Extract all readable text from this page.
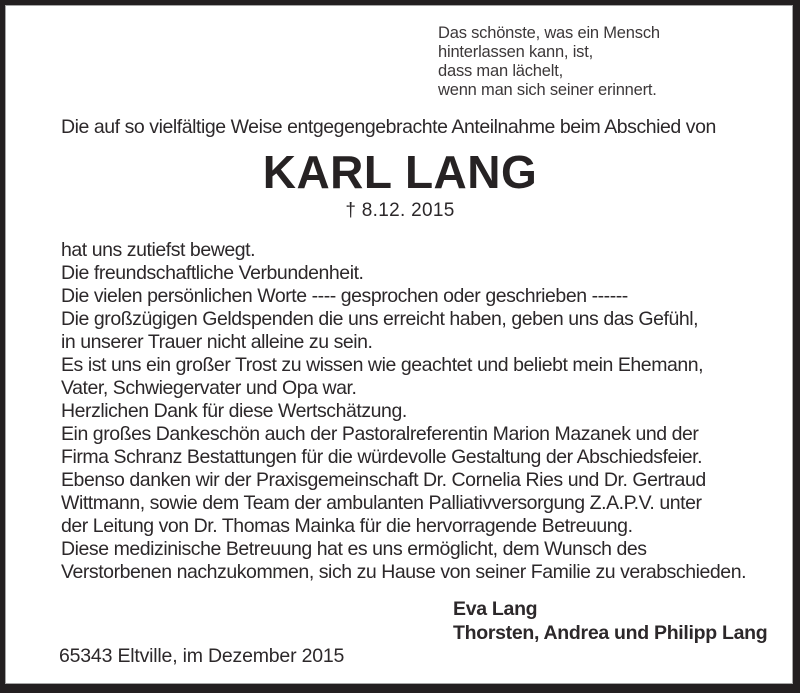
Das schönste, was ein Mensch
hinterlassen kann, ist,
dass man lächelt,
wenn man sich seiner erinnert.
Die auf so vielfältige Weise entgegengebrachte Anteilnahme beim Abschied von
KARL LANG
† 8.12. 2015
hat uns zutiefst bewegt.
Die freundschaftliche Verbundenheit.
Die vielen persönlichen Worte ---- gesprochen oder geschrieben ------
Die großzügigen Geldspenden die uns erreicht haben, geben uns das Gefühl,
in unserer Trauer nicht alleine zu sein.
Es ist uns ein großer Trost zu wissen wie geachtet und beliebt mein Ehemann,
Vater, Schwiegervater und Opa war.
Herzlichen Dank für diese Wertschätzung.
Ein großes Dankeschön auch der Pastoralreferentin Marion Mazanek und der
Firma Schranz Bestattungen für die würdevolle Gestaltung der Abschiedsfeier.
Ebenso danken wir der Praxisgemeinschaft Dr. Cornelia Ries und Dr. Gertraud
Wittmann, sowie dem Team der ambulanten Palliativversorgung Z.A.P.V. unter
der Leitung von Dr. Thomas Mainka für die hervorragende Betreuung.
Diese medizinische Betreuung hat es uns ermöglicht, dem Wunsch des
Verstorbenen nachzukommen, sich zu Hause von seiner Familie zu verabschieden.
Eva Lang
Thorsten, Andrea und Philipp Lang
65343 Eltville, im Dezember 2015
